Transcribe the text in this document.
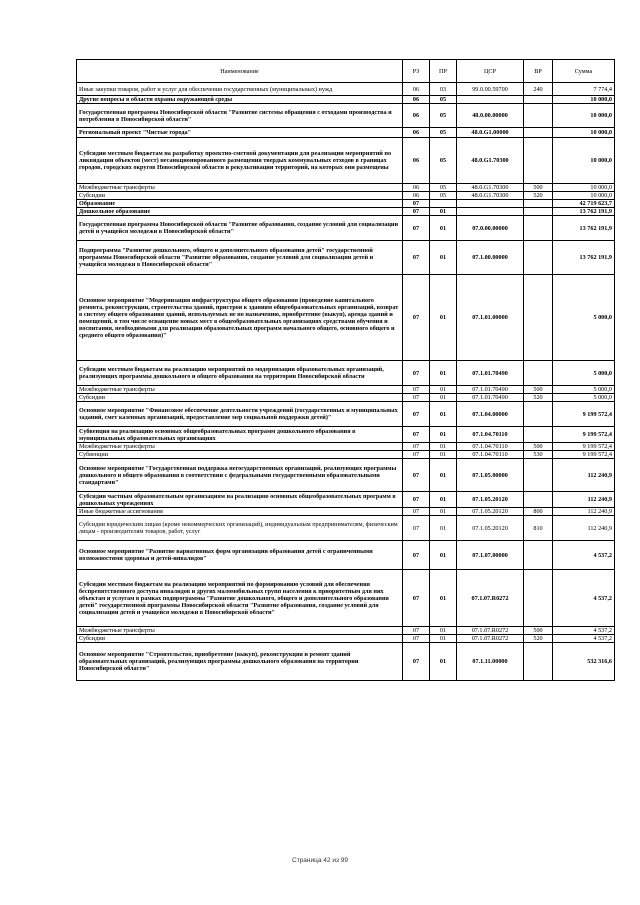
Наименование	РЗ	ПР	ЦСР	ВР	Сумма
Иные закупки товаров, работ и услуг для обеспечения государственных (муниципальных) нужд	06	03	99.0.00.59700	240	7 774,4
Другие вопросы в области охраны окружающей среды	06	05			10 000,0
Государственная программа Новосибирской области "Развитие системы обращения с отходами производства и потребления в Новосибирской области"	06	05	48.0.00.00000		10 000,0
Региональный проект "Чистые города"	06	05	48.0.G1.00000		10 000,0
Субсидии местным бюджетам на разработку проектно-сметной документации для реализации мероприятий по ликвидации объектов (мест) несанкционированного размещения твердых коммунальных отходов в границах городов, городских округов Новосибирской области и рекультивации территорий, на которых они размещены	06	05	48.0.G1.70300		10 000,0
Межбюджетные трансферты	06	05	48.0.G1.70300	500	10 000,0
Субсидии	06	05	48.0.G1.70300	520	10 000,0
Образование	07				42 719 623,7
Дошкольное образование	07	01			13 762 191,9
Государственная программа Новосибирской области "Развитие образования, создание условий для социализации детей и учащейся молодежи в Новосибирской области"	07	01	07.0.00.00000		13 762 191,9
Подпрограмма "Развитие дошкольного, общего и дополнительного образования детей" государственной программы Новосибирской области "Развитие образования, создание условий для социализации детей и учащейся молодежи в Новосибирской области"	07	01	07.1.00.00000		13 762 191,9
Основное мероприятие "Модернизация инфраструктуры общего образования (проведение капитального ремонта, реконструкции, строительства зданий, пристроя к зданиям общеобразовательных организаций, возврат в систему общего образования зданий, используемых не по назначению, приобретение (выкуп), аренда зданий и помещений, в том числе оснащение новых мест в общеобразовательных организациях средствами обучения и воспитания, необходимыми для реализации образовательных программ начального общего, основного общего и среднего общего образования)"	07	01	07.1.01.00000		5 000,0
Субсидии местным бюджетам на реализацию мероприятий по модернизации образовательных организаций, реализующих программы дошкольного и общего образования на территории Новосибирской области	07	01	07.1.01.70490		5 000,0
Межбюджетные трансферты	07	01	07.1.01.70490	500	5 000,0
Субсидии	07	01	07.1.01.70490	520	5 000,0
Основное мероприятие "Финансовое обеспечение деятельности учреждений (государственных и муниципальных заданий, смет казенных организаций, предоставление мер социальной поддержки детей)"	07	01	07.1.04.00000		9 199 572,4
Субвенция на реализацию основных общеобразовательных программ дошкольного образования в муниципальных образовательных организациях	07	01	07.1.04.70110		9 199 572,4
Межбюджетные трансферты	07	01	07.1.04.70110	500	9 199 572,4
Субвенции	07	01	07.1.04.70110	530	9 199 572,4
Основное мероприятие "Государственная поддержка негосударственных организаций, реализующих программы дошкольного и общего образования в соответствии с федеральными государственными образовательными стандартами"	07	01	07.1.05.00000		112 240,9
Субсидии частным образовательным организациям на реализацию основных общеобразовательных программ в дошкольных учреждениях	07	01	07.1.05.20120		112 240,9
Иные бюджетные ассигнования	07	01	07.1.05.20120	800	112 240,9
Субсидии юридическим лицам (кроме некоммерческих организаций), индивидуальным предпринимателям, физическим лицам - производителям товаров, работ, услуг	07	01	07.1.05.20120	810	112 240,9
Основное мероприятие "Развитие вариативных форм организации образования детей с ограниченными возможностями здоровья и детей-инвалидов"	07	01	07.1.07.00000		4 537,2
Субсидии местным бюджетам на реализацию мероприятий по формированию условий для обеспечения беспрепятственного доступа инвалидов и других маломобильных групп населения к приоритетным для них объектам и услугам в рамках подпрограммы "Развитие дошкольного, общего и дополнительного образования детей" государственной программы Новосибирской области "Развитие образования, создание условий для социализации детей и учащейся молодежи в Новосибирской области"	07	01	07.1.07.R0272		4 537,2
Межбюджетные трансферты	07	01	07.1.07.R0272	500	4 537,2
Субсидии	07	01	07.1.07.R0272	520	4 537,2
Основное мероприятие "Строительство, приобретение (выкуп), реконструкция и ремонт зданий образовательных организаций, реализующих программы дошкольного образования на территории Новосибирской области"	07	01	07.1.11.00000		532 316,6
Страница 42 из 99
